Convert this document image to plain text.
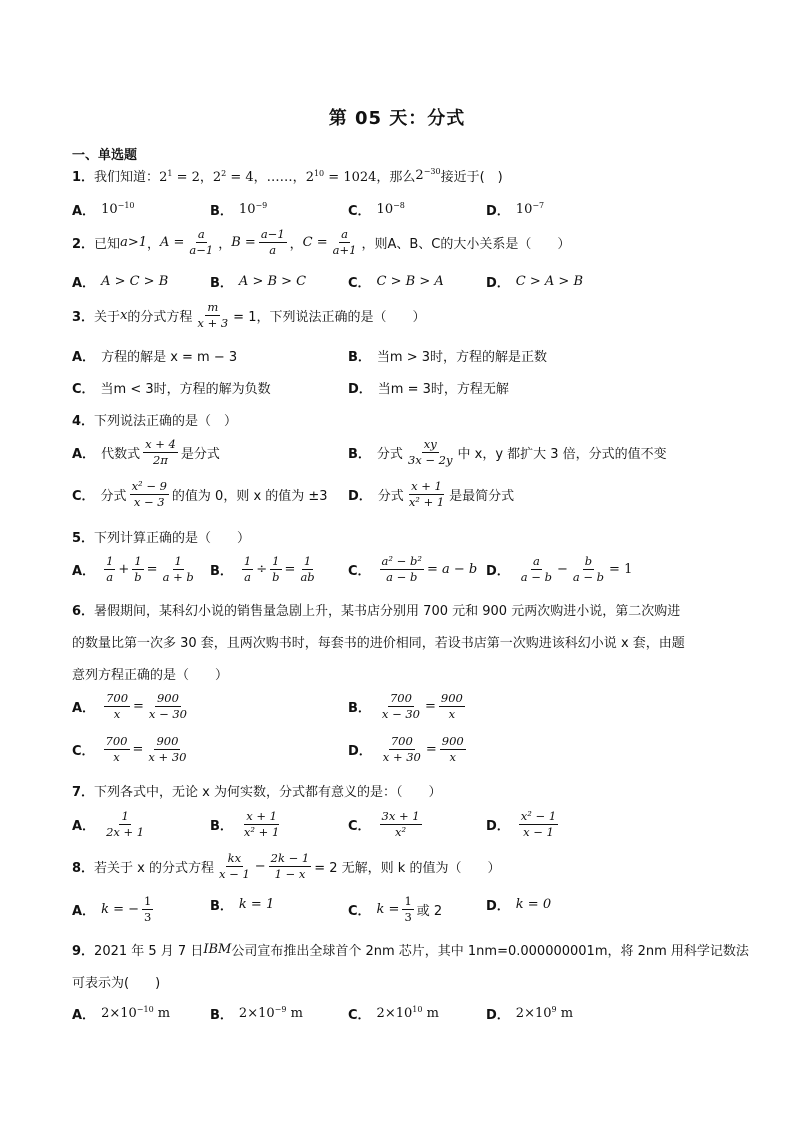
第 05 天：分式
一、单选题
1． 我们知道： $2^1 = 2$， $2^2 = 4$，……， $2^{10} = 1024$，那么 $2^{-30}$ 接近于(　)
A． $10^{-10}$	B． $10^{-9}$	C． $10^{-8}$	D． $10^{-7}$
2． 已知 a>1 ， $A = \frac{a}{a-1}$ ， $B = \frac{a-1}{a}$ ， $C = \frac{a}{a+1}$ ，则A、B、C的大小关系是（　　）
A． A > C > B	B． A > B > C	C． C > B > A	D． C > A > B
3． 关于 x 的分式方程 $\frac{m}{x + 3} = 1$，下列说法正确的是（　　）
A． 方程的解是 x = m − 3	B． 当m > 3时，方程的解是正数
C． 当m < 3时，方程的解为负数	D． 当m = 3时，方程无解
4． 下列说法正确的是（　）
A． 代数式 $\frac{x + 4}{2\pi}$ 是分式	B． 分式 $\frac{xy}{3x - 2y}$ 中 x，y 都扩大 3 倍，分式的值不变
C． 分式 $\frac{\text{x² − 9}}{x - 3}$ 的值为 0，则 x 的值为 ±3 D． 分式 $\frac{x + 1}{\text{x² + 1}}$ 是最简分式
5． 下列计算正确的是（　　）
A． $\frac{1}{a} + \frac{1}{b} = \frac{1}{a + b}$ B． $\frac{1}{a} \div \frac{1}{b} = \frac{1}{ab}$ C． $\frac{\text{a² − b²}}{a - b} = a - b$ D． $\frac{a}{a - b} - \frac{b}{a - b} = 1$
6． 暑假期间，某科幻小说的销售量急剧上升，某书店分别用 700 元和 900 元两次购进小说，第二次购进
的数量比第一次多 30 套，且两次购书时，每套书的进价相同，若设书店第一次购进该科幻小说 x 套，由题
意列方程正确的是（　　）
A． $\frac{700}{x} = \frac{900}{x - 30}$	B． $\frac{700}{x - 30} = \frac{900}{x}$
C． $\frac{700}{x} = \frac{900}{x + 30}$	D． $\frac{700}{x + 30} = \frac{900}{x}$
7． 下列各式中，无论 x 为何实数，分式都有意义的是：（　　）
A． $\frac{1}{2x + 1}$	B． $\frac{x + 1}{\text{x² + 1}}$	C． $\frac{3x + 1}{\text{x²}}$	D． $\frac{\text{x² − 1}}{x - 1}$
8． 若关于 x 的分式方程 $\frac{kx}{x - 1} - \frac{2k - 1}{1 - x} = 2$ 无解，则 k 的值为（　　）
A． k = − $\frac{1}{3}$	B． k = 1	C． $k = \frac{1}{3}$ 或 2	D． k = 0
9． 2021 年 5 月 7 日 IBM 公司宣布推出全球首个 2nm 芯片，其中 1nm=0.000000001m，将 2nm 用科学记数法
可表示为(　　)
A． $2\times 10^{-10}$ m	B． $2\times 10^{-9}$ m	C． $2\times 10^{10}$ m	D． $2\times 10^9$ m
